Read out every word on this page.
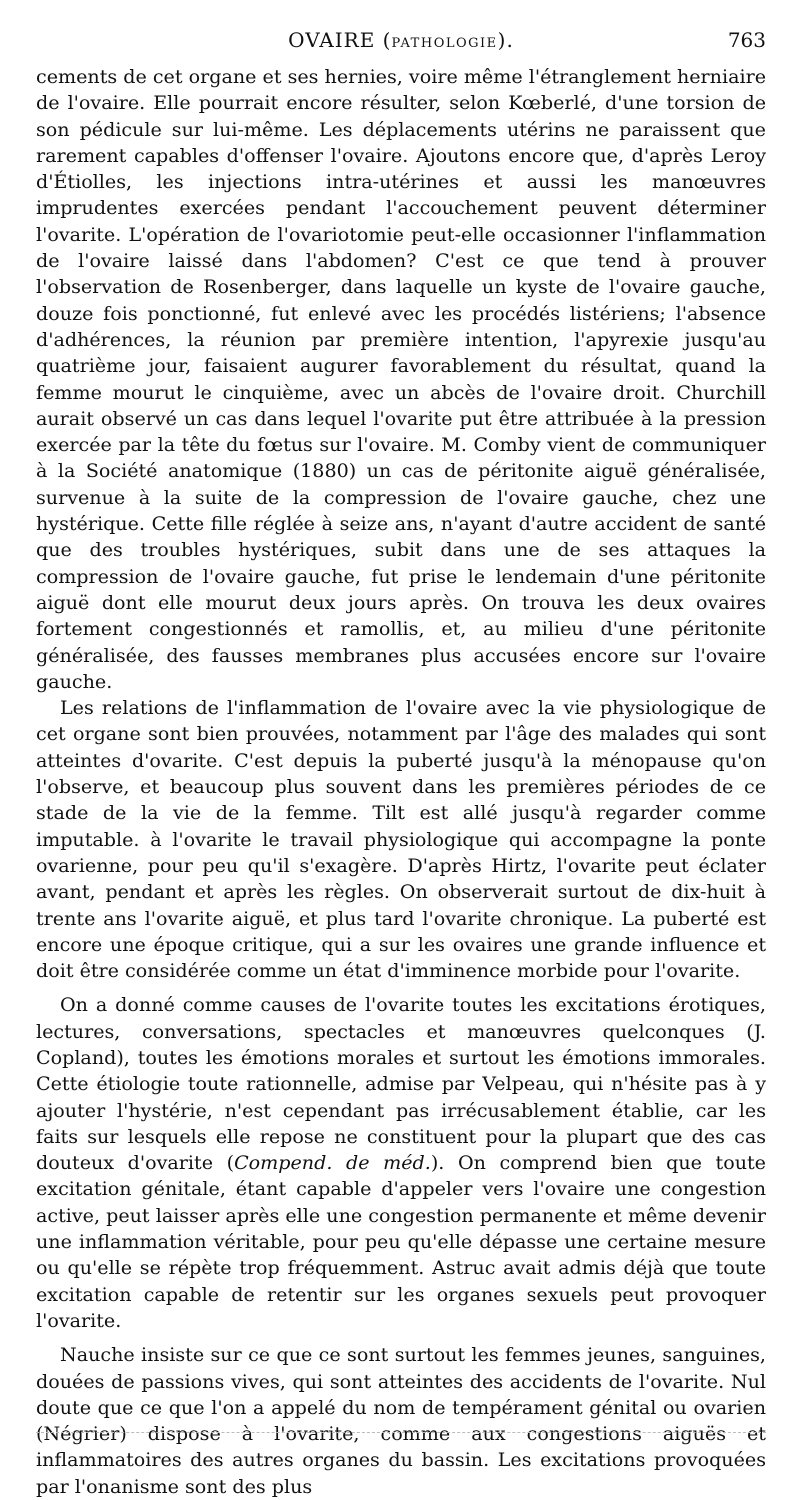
OVAIRE (PATHOLOGIE).	763

cements de cet organe et ses hernies, voire même l'étranglement herniaire de l'ovaire. Elle pourrait encore résulter, selon Kœberlé, d'une torsion de son pédicule sur lui-même. Les déplacements utérins ne paraissent que rarement capables d'offenser l'ovaire. Ajoutons encore que, d'après Leroy d'Étiolles, les injections intra-utérines et aussi les manœuvres imprudentes exercées pendant l'accouchement peuvent déterminer l'ovarite. L'opération de l'ovariotomie peut-elle occasionner l'inflammation de l'ovaire laissé dans l'abdomen? C'est ce que tend à prouver l'observation de Rosenberger, dans laquelle un kyste de l'ovaire gauche, douze fois ponctionné, fut enlevé avec les procédés listériens; l'absence d'adhérences, la réunion par première intention, l'apyrexie jusqu'au quatrième jour, faisaient augurer favorablement du résultat, quand la femme mourut le cinquième, avec un abcès de l'ovaire droit. Churchill aurait observé un cas dans lequel l'ovarite put être attribuée à la pression exercée par la tête du fœtus sur l'ovaire. M. Comby vient de communiquer à la Société anatomique (1880) un cas de péritonite aiguë généralisée, survenue à la suite de la compression de l'ovaire gauche, chez une hystérique. Cette fille réglée à seize ans, n'ayant d'autre accident de santé que des troubles hystériques, subit dans une de ses attaques la compression de l'ovaire gauche, fut prise le lendemain d'une péritonite aiguë dont elle mourut deux jours après. On trouva les deux ovaires fortement congestionnés et ramollis, et, au milieu d'une péritonite généralisée, des fausses membranes plus accusées encore sur l'ovaire gauche.

Les relations de l'inflammation de l'ovaire avec la vie physiologique de cet organe sont bien prouvées, notamment par l'âge des malades qui sont atteintes d'ovarite. C'est depuis la puberté jusqu'à la ménopause qu'on l'observe, et beaucoup plus souvent dans les premières périodes de ce stade de la vie de la femme. Tilt est allé jusqu'à regarder comme imputable. à l'ovarite le travail physiologique qui accompagne la ponte ovarienne, pour peu qu'il s'exagère. D'après Hirtz, l'ovarite peut éclater avant, pendant et après les règles. On observerait surtout de dix-huit à trente ans l'ovarite aiguë, et plus tard l'ovarite chronique. La puberté est encore une époque critique, qui a sur les ovaires une grande influence et doit être considérée comme un état d'imminence morbide pour l'ovarite.

On a donné comme causes de l'ovarite toutes les excitations érotiques, lectures, conversations, spectacles et manœuvres quelconques (J. Copland), toutes les émotions morales et surtout les émotions immorales. Cette étiologie toute rationnelle, admise par Velpeau, qui n'hésite pas à y ajouter l'hystérie, n'est cependant pas irrécusablement établie, car les faits sur lesquels elle repose ne constituent pour la plupart que des cas douteux d'ovarite (Compend. de méd.). On comprend bien que toute excitation génitale, étant capable d'appeler vers l'ovaire une congestion active, peut laisser après elle une congestion permanente et même devenir une inflammation véritable, pour peu qu'elle dépasse une certaine mesure ou qu'elle se répète trop fréquemment. Astruc avait admis déjà que toute excitation capable de retentir sur les organes sexuels peut provoquer l'ovarite.

Nauche insiste sur ce que ce sont surtout les femmes jeunes, sanguines, douées de passions vives, qui sont atteintes des accidents de l'ovarite. Nul doute que ce que l'on a appelé du nom de tempérament génital ou ovarien (Négrier) dispose à l'ovarite, comme aux congestions aiguës et inflammatoires des autres organes du bassin. Les excitations provoquées par l'onanisme sont des plus
